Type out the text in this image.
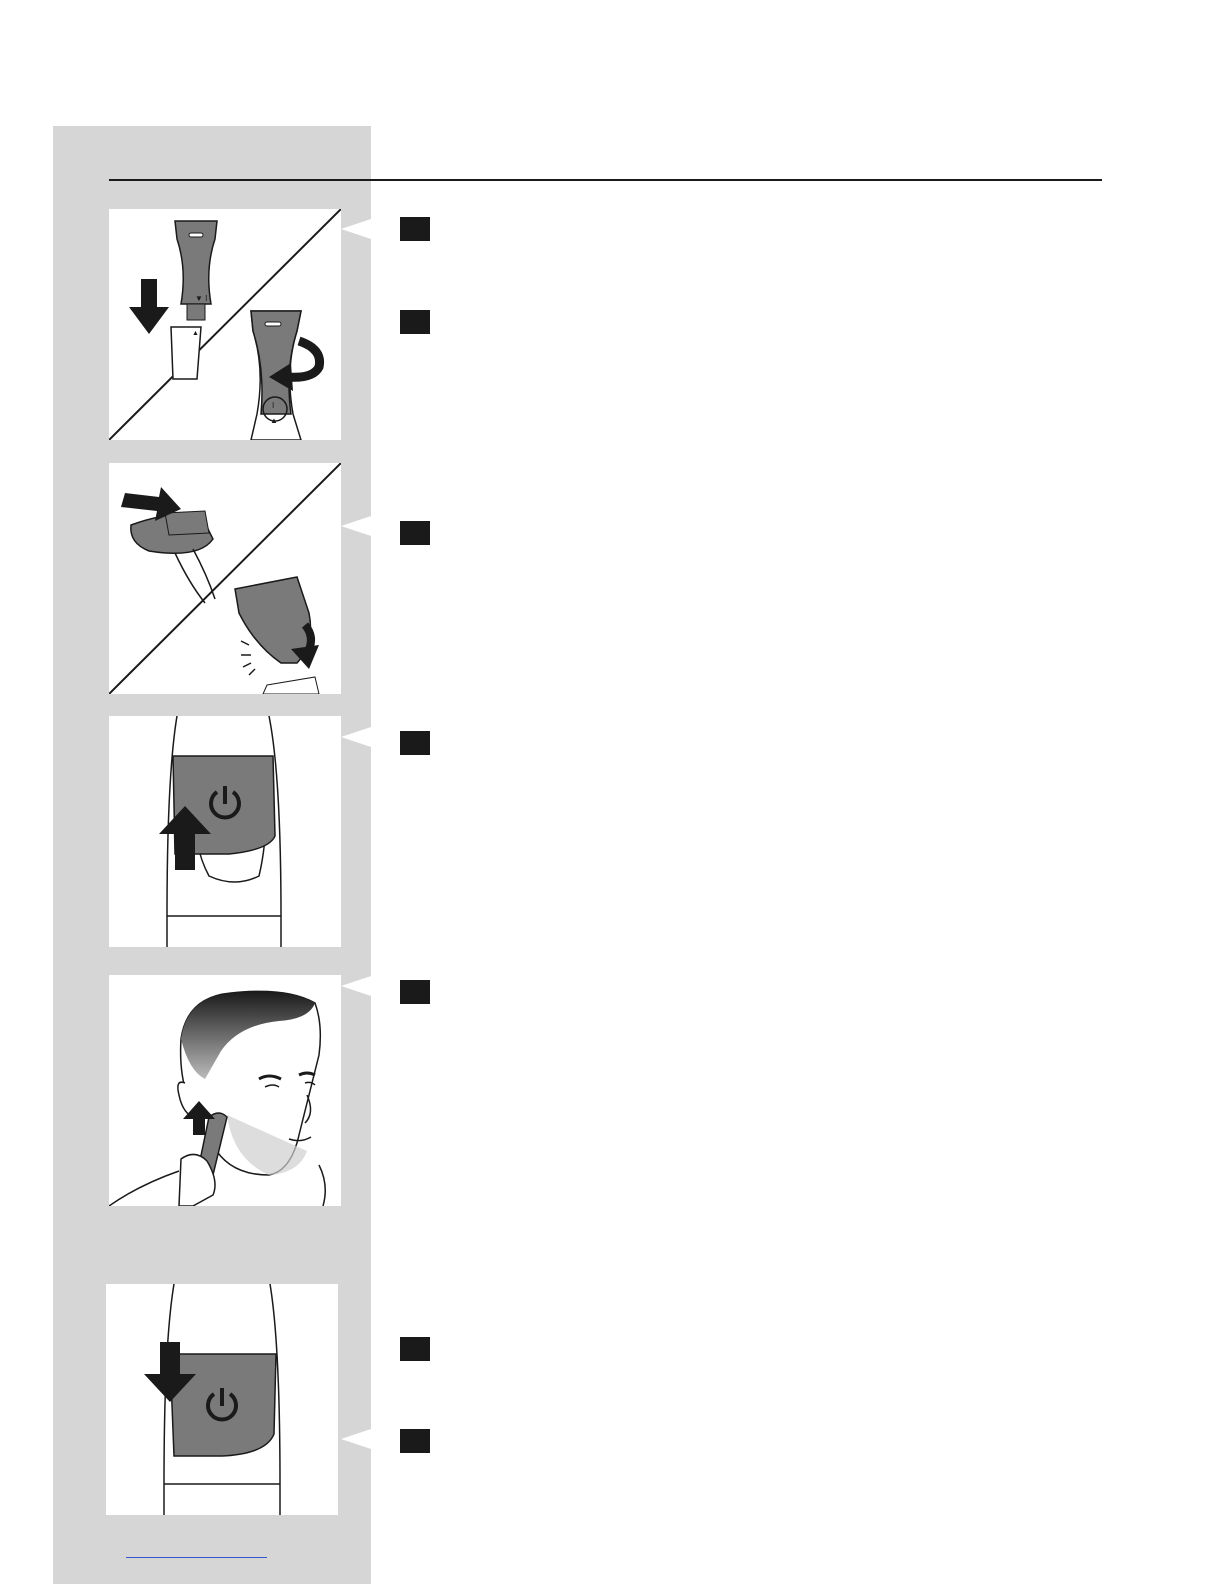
▼ I
▲
I
▲
